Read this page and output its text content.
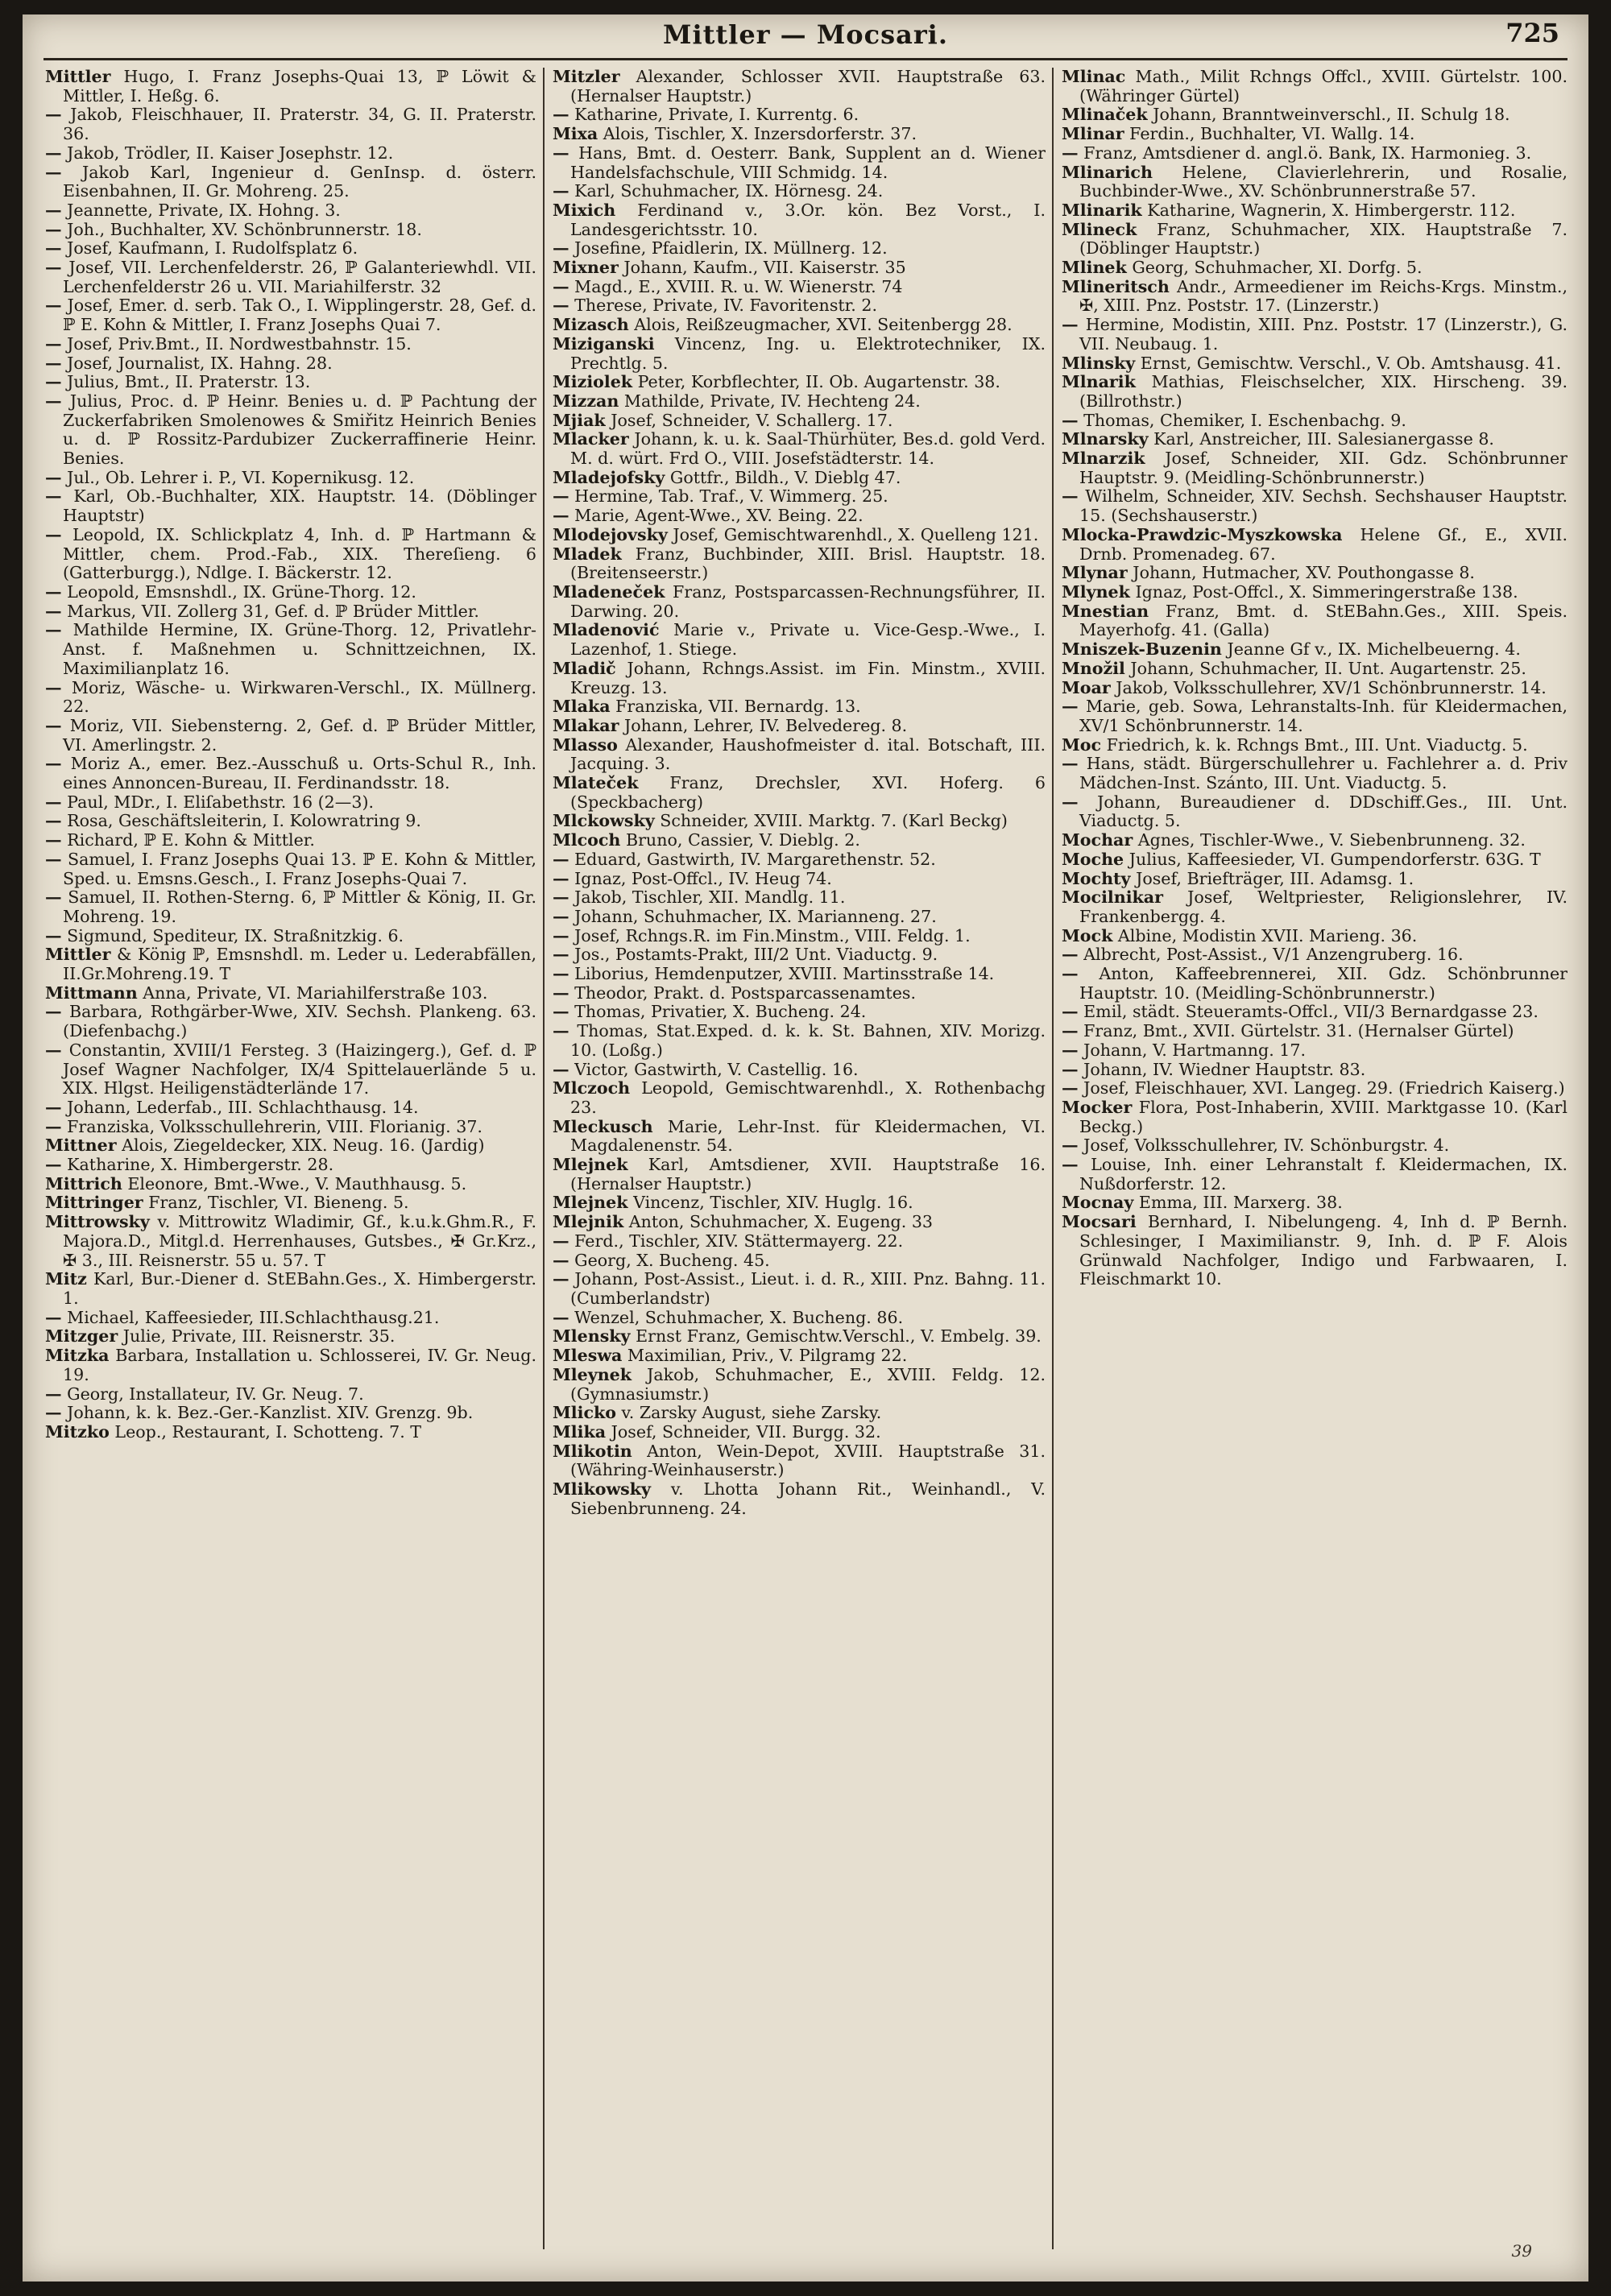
Mittler — Mocsari.	725

Mittler Hugo, I. Franz Josephs-Quai 13, ℙ Löwit & Mittler, I. Heßg. 6.

— Jakob, Fleischhauer, II. Praterstr. 34, G. II. Praterstr. 36.

— Jakob, Trödler, II. Kaiser Josephstr. 12.

— Jakob Karl, Ingenieur d. GenInsp. d. österr. Eisenbahnen, II. Gr. Mohreng. 25.

— Jeannette, Private, IX. Hohng. 3.

— Joh., Buchhalter, XV. Schönbrunnerstr. 18.

— Josef, Kaufmann, I. Rudolfsplatz 6.

— Josef, VII. Lerchenfelderstr. 26, ℙ Galanteriewhdl. VII. Lerchenfelderstr 26 u. VII. Mariahilferstr. 32

— Josef, Emer. d. serb. Tak O., I. Wipplingerstr. 28, Gef. d. ℙ E. Kohn & Mittler, I. Franz Josephs Quai 7.

— Josef, Priv.Bmt., II. Nordwestbahnstr. 15.

— Josef, Journalist, IX. Hahng. 28.

— Julius, Bmt., II. Praterstr. 13.

— Julius, Proc. d. ℙ Heinr. Benies u. d. ℙ Pachtung der Zuckerfabriken Smolenowes & Smiřitz Heinrich Benies u. d. ℙ Rossitz-Pardubizer Zuckerraffinerie Heinr. Benies.

— Jul., Ob. Lehrer i. P., VI. Kopernikusg. 12.

— Karl, Ob.-Buchhalter, XIX. Hauptstr. 14. (Döblinger Hauptstr)

— Leopold, IX. Schlickplatz 4, Inh. d. ℙ Hartmann & Mittler, chem. Prod.-Fab., XIX. Thereſieng. 6 (Gatterburgg.), Ndlge. I. Bäckerstr. 12.

— Leopold, Emsnshdl., IX. Grüne-Thorg. 12.

— Markus, VII. Zollerg 31, Gef. d. ℙ Brüder Mittler.

— Mathilde Hermine, IX. Grüne-Thorg. 12, Privatlehr-Anst. f. Maßnehmen u. Schnittzeichnen, IX. Maximilianplatz 16.

— Moriz, Wäsche- u. Wirkwaren-Verschl., IX. Müllnerg. 22.

— Moriz, VII. Siebensterng. 2, Gef. d. ℙ Brüder Mittler, VI. Amerlingstr. 2.

— Moriz A., emer. Bez.-Ausschuß u. Orts-Schul R., Inh. eines Annoncen-Bureau, II. Ferdinandsstr. 18.

— Paul, MDr., I. Eliſabethstr. 16 (2—3).

— Rosa, Geschäftsleiterin, I. Kolowratring 9.

— Richard, ℙ E. Kohn & Mittler.

— Samuel, I. Franz Josephs Quai 13. ℙ E. Kohn & Mittler, Sped. u. Emsns.Gesch., I. Franz Josephs-Quai 7.

— Samuel, II. Rothen-Sterng. 6, ℙ Mittler & König, II. Gr. Mohreng. 19.

— Sigmund, Spediteur, IX. Straßnitzkig. 6.

Mittler & König ℙ, Emsnshdl. m. Leder u. Lederabfällen, II.Gr.Mohreng.19. T

Mittmann Anna, Private, VI. Mariahilferstraße 103.

— Barbara, Rothgärber-Wwe, XIV. Sechsh. Plankeng. 63. (Diefenbachg.)

— Constantin, XVIII/1 Fersteg. 3 (Haizingerg.), Gef. d. ℙ Josef Wagner Nachfolger, IX/4 Spittelauerlände 5 u. XIX. Hlgst. Heiligenstädterlände 17.

— Johann, Lederfab., III. Schlachthausg. 14.

— Franziska, Volksschullehrerin, VIII. Florianig. 37.

Mittner Alois, Ziegeldecker, XIX. Neug. 16. (Jardig)

— Katharine, X. Himbergerstr. 28.

Mittrich Eleonore, Bmt.-Wwe., V. Mauthhausg. 5.

Mittringer Franz, Tischler, VI. Bieneng. 5.

Mittrowsky v. Mittrowitz Wladimir, Gf., k.u.k.Ghm.R., F. Majora.D., Mitgl.d. Herrenhauses, Gutsbes., ✠ Gr.Krz., ✠ 3., III. Reisnerstr. 55 u. 57. T

Mitz Karl, Bur.-Diener d. StEBahn.Ges., X. Himbergerstr. 1.

— Michael, Kaffeesieder, III.Schlachthausg.21.

Mitzger Julie, Private, III. Reisnerstr. 35.

Mitzka Barbara, Installation u. Schlosserei, IV. Gr. Neug. 19.

— Georg, Installateur, IV. Gr. Neug. 7.

— Johann, k. k. Bez.-Ger.-Kanzlist. XIV. Grenzg. 9b.

Mitzko Leop., Restaurant, I. Schotteng. 7. T

Mitzler Alexander, Schlosser XVII. Hauptstraße 63. (Hernalser Hauptstr.)

— Katharine, Private, I. Kurrentg. 6.

Mixa Alois, Tischler, X. Inzersdorferstr. 37.

— Hans, Bmt. d. Oesterr. Bank, Supplent an d. Wiener Handelsfachschule, VIII Schmidg. 14.

— Karl, Schuhmacher, IX. Hörnesg. 24.

Mixich Ferdinand v., 3.Or. kön. Bez Vorst., I. Landesgerichtsstr. 10.

— Josefine, Pfaidlerin, IX. Müllnerg. 12.

Mixner Johann, Kaufm., VII. Kaiserstr. 35

— Magd., E., XVIII. R. u. W. Wienerstr. 74

— Therese, Private, IV. Favoritenstr. 2.

Mizasch Alois, Reißzeugmacher, XVI. Seitenbergg 28.

Miziganski Vincenz, Ing. u. Elektrotechniker, IX. Prechtlg. 5.

Miziolek Peter, Korbflechter, II. Ob. Augartenstr. 38.

Mizzan Mathilde, Private, IV. Hechteng 24.

Mjiak Josef, Schneider, V. Schallerg. 17.

Mlacker Johann, k. u. k. Saal-Thürhüter, Bes.d. gold Verd. M. d. würt. Frd O., VIII. Josefstädterstr. 14.

Mladejofsky Gottfr., Bildh., V. Dieblg 47.

— Hermine, Tab. Traf., V. Wimmerg. 25.

— Marie, Agent-Wwe., XV. Being. 22.

Mlodejovsky Josef, Gemischtwarenhdl., X. Quelleng 121.

Mladek Franz, Buchbinder, XIII. Brisl. Hauptstr. 18. (Breitenseerstr.)

Mladeneček Franz, Postsparcassen-Rechnungsführer, II. Darwing. 20.

Mladenović Marie v., Private u. Vice-Gesp.-Wwe., I. Lazenhof, 1. Stiege.

Mladič Johann, Rchngs.Assist. im Fin. Minstm., XVIII. Kreuzg. 13.

Mlaka Franziska, VII. Bernardg. 13.

Mlakar Johann, Lehrer, IV. Belvedereg. 8.

Mlasso Alexander, Haushofmeister d. ital. Botschaft, III. Jacquing. 3.

Mlateček Franz, Drechsler, XVI. Hoferg. 6 (Speckbacherg)

Mlckowsky Schneider, XVIII. Marktg. 7. (Karl Beckg)

Mlcoch Bruno, Cassier, V. Dieblg. 2.

— Eduard, Gastwirth, IV. Margarethenstr. 52.

— Ignaz, Post-Offcl., IV. Heug 74.

— Jakob, Tischler, XII. Mandlg. 11.

— Johann, Schuhmacher, IX. Marianneng. 27.

— Josef, Rchngs.R. im Fin.Minstm., VIII. Feldg. 1.

— Jos., Postamts-Prakt, III/2 Unt. Viaductg. 9.

— Liborius, Hemdenputzer, XVIII. Martinsstraße 14.

— Theodor, Prakt. d. Postsparcassenamtes.

— Thomas, Privatier, X. Bucheng. 24.

— Thomas, Stat.Exped. d. k. k. St. Bahnen, XIV. Morizg. 10. (Loßg.)

— Victor, Gastwirth, V. Castellig. 16.

Mlczoch Leopold, Gemischtwarenhdl., X. Rothenbachg 23.

Mleckusch Marie, Lehr-Inst. für Kleidermachen, VI. Magdalenenstr. 54.

Mlejnek Karl, Amtsdiener, XVII. Hauptstraße 16. (Hernalser Hauptstr.)

Mlejnek Vincenz, Tischler, XIV. Huglg. 16.

Mlejnik Anton, Schuhmacher, X. Eugeng. 33

— Ferd., Tischler, XIV. Stättermayerg. 22.

— Georg, X. Bucheng. 45.

— Johann, Post-Assist., Lieut. i. d. R., XIII. Pnz. Bahng. 11. (Cumberlandstr)

— Wenzel, Schuhmacher, X. Bucheng. 86.

Mlensky Ernst Franz, Gemischtw.Verschl., V. Embelg. 39.

Mleswa Maximilian, Priv., V. Pilgramg 22.

Mleynek Jakob, Schuhmacher, E., XVIII. Feldg. 12. (Gymnasiumstr.)

Mlicko v. Zarsky August, siehe Zarsky.

Mlika Josef, Schneider, VII. Burgg. 32.

Mlikotin Anton, Wein-Depot, XVIII. Hauptstraße 31. (Währing-Weinhauserstr.)

Mlikowsky v. Lhotta Johann Rit., Weinhandl., V. Siebenbrunneng. 24.

Mlinac Math., Milit Rchngs Offcl., XVIII. Gürtelstr. 100. (Währinger Gürtel)

Mlinaček Johann, Branntweinverschl., II. Schulg 18.

Mlinar Ferdin., Buchhalter, VI. Wallg. 14.

— Franz, Amtsdiener d. angl.ö. Bank, IX. Harmonieg. 3.

Mlinarich Helene, Clavierlehrerin, und Rosalie, Buchbinder-Wwe., XV. Schönbrunnerstraße 57.

Mlinarik Katharine, Wagnerin, X. Himbergerstr. 112.

Mlineck Franz, Schuhmacher, XIX. Hauptstraße 7. (Döblinger Hauptstr.)

Mlinek Georg, Schuhmacher, XI. Dorfg. 5.

Mlineritsch Andr., Armeediener im Reichs-Krgs. Minstm., ✠, XIII. Pnz. Poststr. 17. (Linzerstr.)

— Hermine, Modistin, XIII. Pnz. Poststr. 17 (Linzerstr.), G. VII. Neubaug. 1.

Mlinsky Ernst, Gemischtw. Verschl., V. Ob. Amtshausg. 41.

Mlnarik Mathias, Fleischselcher, XIX. Hirscheng. 39. (Billrothstr.)

— Thomas, Chemiker, I. Eschenbachg. 9.

Mlnarsky Karl, Anstreicher, III. Salesianergasse 8.

Mlnarzik Josef, Schneider, XII. Gdz. Schönbrunner Hauptstr. 9. (Meidling-Schönbrunnerstr.)

— Wilhelm, Schneider, XIV. Sechsh. Sechshauser Hauptstr. 15. (Sechshauserstr.)

Mlocka-Prawdzic-Myszkowska Helene Gf., E., XVII. Drnb. Promenadeg. 67.

Mlynar Johann, Hutmacher, XV. Pouthongasse 8.

Mlynek Ignaz, Post-Offcl., X. Simmeringerstraße 138.

Mnestian Franz, Bmt. d. StEBahn.Ges., XIII. Speis. Mayerhofg. 41. (Galla)

Mniszek-Buzenin Jeanne Gf v., IX. Michelbeuerng. 4.

Množil Johann, Schuhmacher, II. Unt. Augartenstr. 25.

Moar Jakob, Volksschullehrer, XV/1 Schönbrunnerstr. 14.

— Marie, geb. Sowa, Lehranstalts-Inh. für Kleidermachen, XV/1 Schönbrunnerstr. 14.

Moc Friedrich, k. k. Rchngs Bmt., III. Unt. Viaductg. 5.

— Hans, städt. Bürgerschullehrer u. Fachlehrer a. d. Priv Mädchen-Inst. Szánto, III. Unt. Viaductg. 5.

— Johann, Bureaudiener d. DDschiff.Ges., III. Unt. Viaductg. 5.

Mochar Agnes, Tischler-Wwe., V. Siebenbrunneng. 32.

Moche Julius, Kaffeesieder, VI. Gumpendorferstr. 63G. T

Mochty Josef, Briefträger, III. Adamsg. 1.

Mocilnikar Josef, Weltpriester, Religionslehrer, IV. Frankenbergg. 4.

Mock Albine, Modistin XVII. Marieng. 36.

— Albrecht, Post-Assist., V/1 Anzengruberg. 16.

— Anton, Kaffeebrennerei, XII. Gdz. Schönbrunner Hauptstr. 10. (Meidling-Schönbrunnerstr.)

— Emil, städt. Steueramts-Offcl., VII/3 Bernardgasse 23.

— Franz, Bmt., XVII. Gürtelstr. 31. (Hernalser Gürtel)

— Johann, V. Hartmanng. 17.

— Johann, IV. Wiedner Hauptstr. 83.

— Josef, Fleischhauer, XVI. Langeg. 29. (Friedrich Kaiserg.)

Mocker Flora, Post-Inhaberin, XVIII. Marktgasse 10. (Karl Beckg.)

— Josef, Volksschullehrer, IV. Schönburgstr. 4.

— Louise, Inh. einer Lehranstalt f. Kleidermachen, IX. Nußdorferstr. 12.

Mocnay Emma, III. Marxerg. 38.

Mocsari Bernhard, I. Nibelungeng. 4, Inh d. ℙ Bernh. Schlesinger, I Maximilianstr. 9, Inh. d. ℙ F. Alois Grünwald Nachfolger, Indigo und Farbwaaren, I. Fleischmarkt 10.

39
